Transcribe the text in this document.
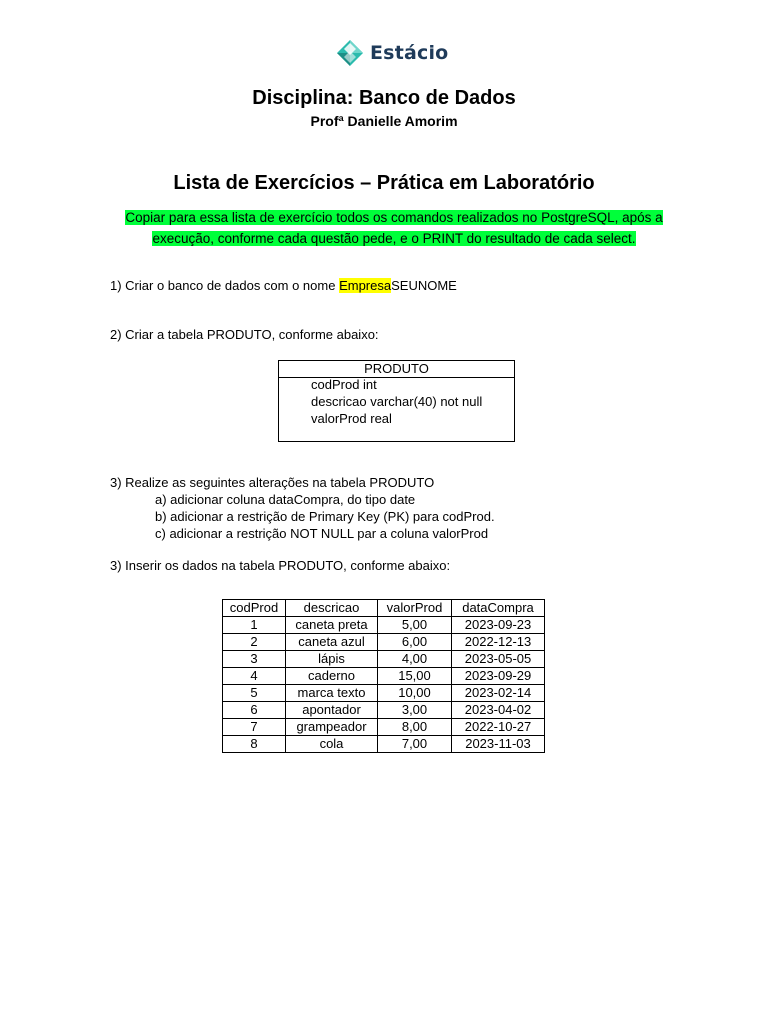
Estácio
Disciplina: Banco de Dados
Profª Danielle Amorim
Lista de Exercícios – Prática em Laboratório
Copiar para essa lista de exercício todos os comandos realizados no PostgreSQL, após a
execução, conforme cada questão pede, e o PRINT do resultado de cada select.
1) Criar o banco de dados com o nome EmpresaSEUNOME
2) Criar a tabela PRODUTO, conforme abaixo:
PRODUTO
codProd int
descricao varchar(40) not null
valorProd real
3) Realize as seguintes alterações na tabela PRODUTO
a) adicionar coluna dataCompra, do tipo date
b) adicionar a restrição de Primary Key (PK) para codProd.
c) adicionar a restrição NOT NULL par a coluna valorProd
3) Inserir os dados na tabela PRODUTO, conforme abaixo:
codProd	descricao	valorProd	dataCompra
1	caneta preta	5,00	2023-09-23
2	caneta azul	6,00	2022-12-13
3	lápis	4,00	2023-05-05
4	caderno	15,00	2023-09-29
5	marca texto	10,00	2023-02-14
6	apontador	3,00	2023-04-02
7	grampeador	8,00	2022-10-27
8	cola	7,00	2023-11-03
